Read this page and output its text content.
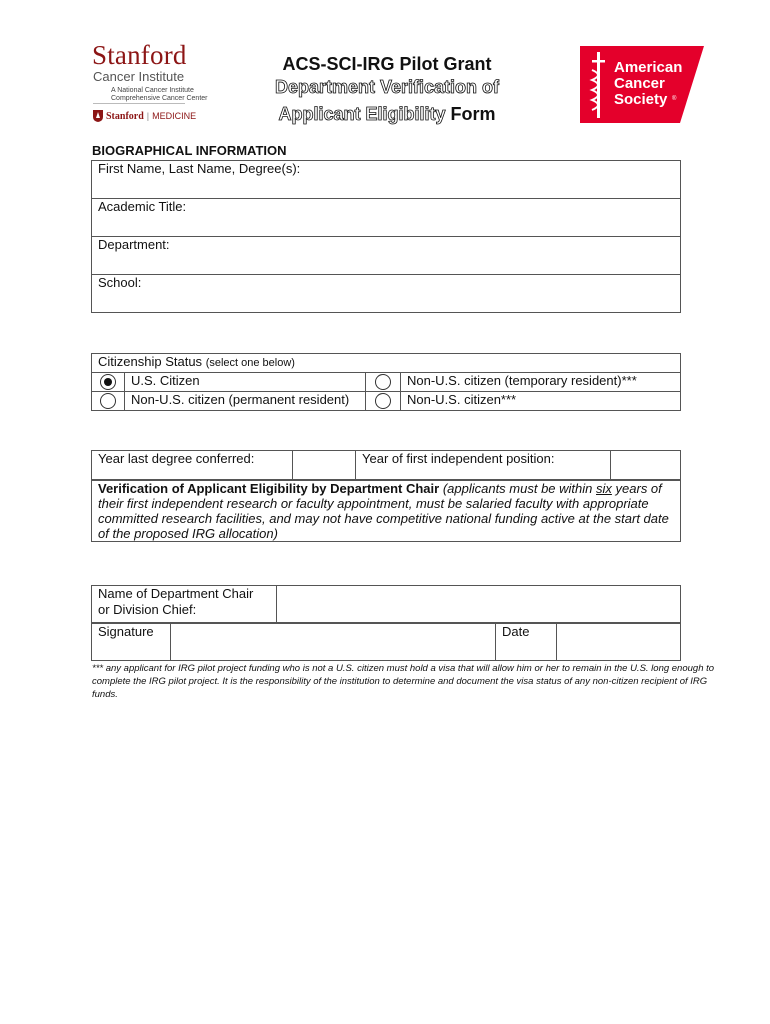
Stanford
Cancer Institute
A National Cancer Institute
Comprehensive Cancer Center
Stanford | MEDICINE
ACS-SCI-IRG Pilot Grant
Department Verification of
Applicant Eligibility Form
American
Cancer
Society ®
BIOGRAPHICAL INFORMATION
First Name, Last Name, Degree(s):
Academic Title:
Department:
School:
Citizenship Status (select one below)			
	U.S. Citizen		Non-U.S. citizen (temporary resident)***
	Non-U.S. citizen (permanent resident)		Non-U.S. citizen***
Year last degree conferred:		Year of first independent position:	
Verification of Applicant Eligibility by Department Chair (applicants must be within six years of their first independent research or faculty appointment, must be salaried faculty with appropriate committed research facilities, and may not have competitive national funding active at the start date of the proposed IRG allocation)
Name of Department Chair
or Division Chief:

Signature		Date	
*** any applicant for IRG pilot project funding who is not a U.S. citizen must hold a visa that will allow him or her to remain in the U.S. long enough to complete the IRG pilot project. It is the responsibility of the institution to determine and document the visa status of any non-citizen recipient of IRG funds.
